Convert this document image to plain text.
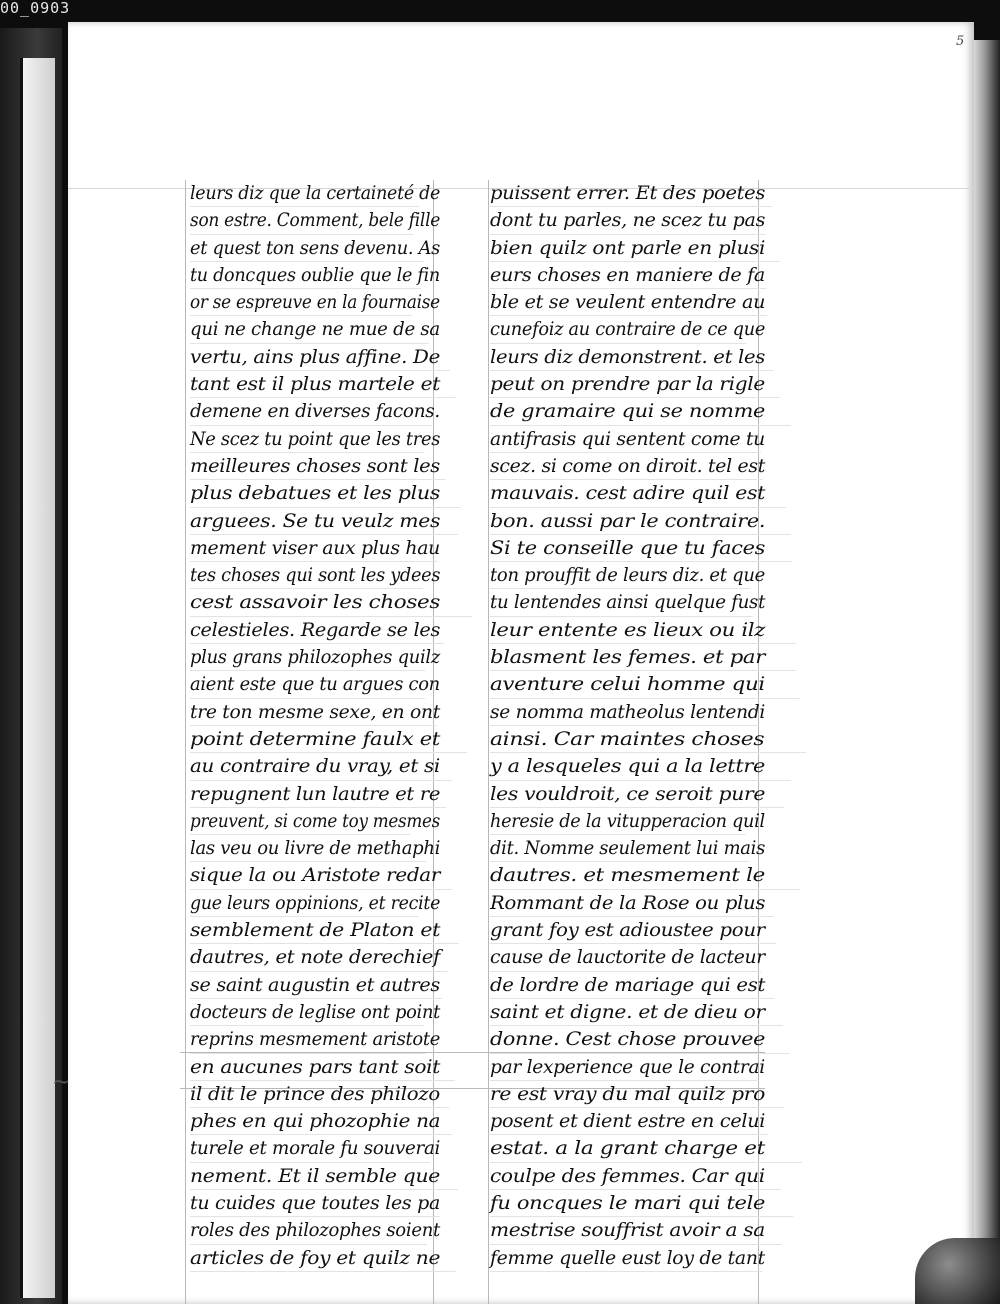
00_0903
5
~
leurs diz que la certaineté de
son estre. Comment, bele fille
et quest ton sens devenu. As
tu doncques oublie que le fin
or se espreuve en la fournaise
qui ne change ne mue de sa
vertu, ains plus affine. De
tant est il plus martele et
demene en diverses facons.
Ne scez tu point que les tres
meilleures choses sont les
plus debatues et les plus
arguees. Se tu veulz mes
mement viser aux plus hau
tes choses qui sont les ydees
cest assavoir les choses
celestieles. Regarde se les
plus grans philozophes quilz
aient este que tu argues con
tre ton mesme sexe, en ont
point determine faulx et
au contraire du vray, et si
repugnent lun lautre et re
preuvent, si come toy mesmes
las veu ou livre de methaphi
sique la ou Aristote redar
gue leurs oppinions, et recite
semblement de Platon et
dautres, et note derechief
se saint augustin et autres
docteurs de leglise ont point
reprins mesmement aristote
en aucunes pars tant soit
il dit le prince des philozo
phes en qui phozophie na
turele et morale fu souverai
nement. Et il semble que
tu cuides que toutes les pa
roles des philozophes soient
articles de foy et quilz ne
puissent errer. Et des poetes
dont tu parles, ne scez tu pas
bien quilz ont parle en plusi
eurs choses en maniere de fa
ble et se veulent entendre au
cunefoiz au contraire de ce que
leurs diz demonstrent. et les
peut on prendre par la rigle
de gramaire qui se nomme
antifrasis qui sentent come tu
scez. si come on diroit. tel est
mauvais. cest adire quil est
bon. aussi par le contraire.
Si te conseille que tu faces
ton prouffit de leurs diz. et que
tu lentendes ainsi quelque fust
leur entente es lieux ou ilz
blasment les femes. et par
aventure celui homme qui
se nomma matheolus lentendi
ainsi. Car maintes choses
y a lesqueles qui a la lettre
les vouldroit, ce seroit pure
heresie de la vitupperacion quil
dit. Nomme seulement lui mais
dautres. et mesmement le
Rommant de la Rose ou plus
grant foy est adioustee pour
cause de lauctorite de lacteur
de lordre de mariage qui est
saint et digne. et de dieu or
donne. Cest chose prouvee
par lexperience que le contrai
re est vray du mal quilz pro
posent et dient estre en celui
estat. a la grant charge et
coulpe des femmes. Car qui
fu oncques le mari qui tele
mestrise souffrist avoir a sa
femme quelle eust loy de tant
